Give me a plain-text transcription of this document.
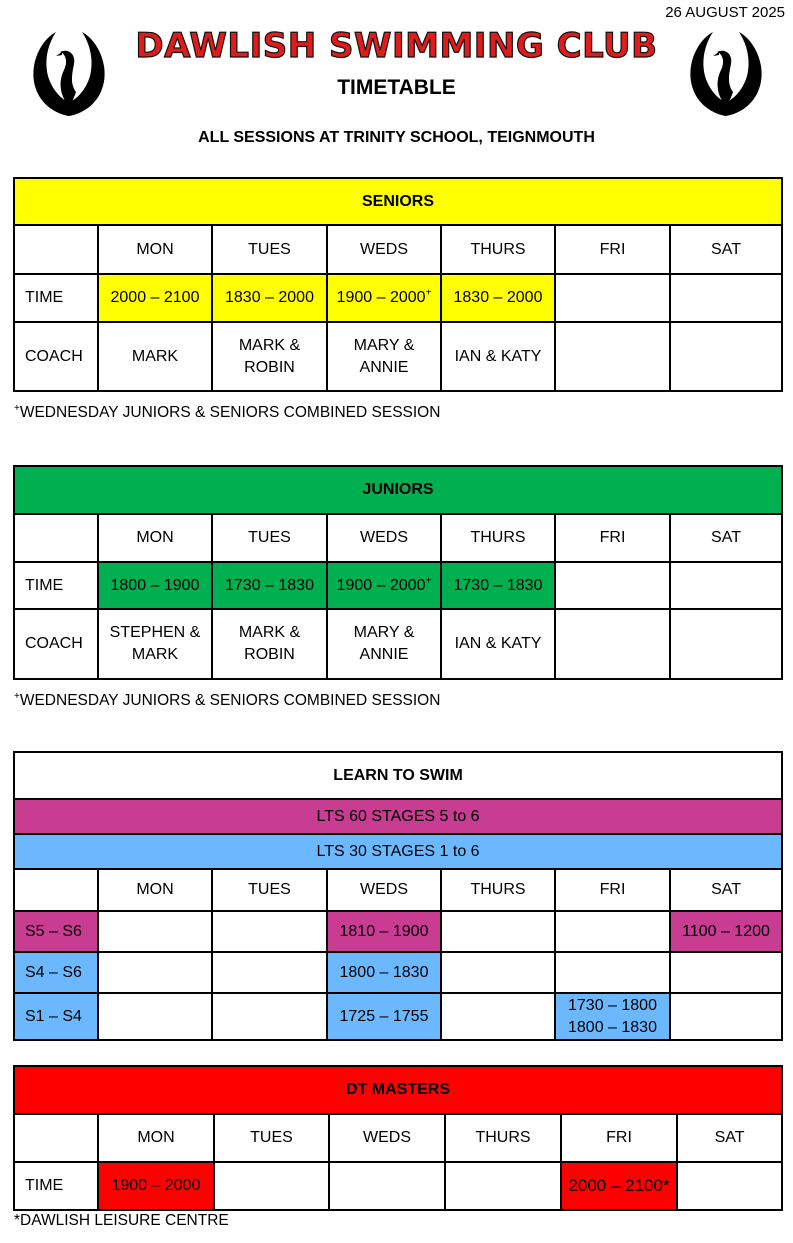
26 AUGUST 2025
DAWLISH SWIMMING CLUB
TIMETABLE
ALL SESSIONS AT TRINITY SCHOOL, TEIGNMOUTH
SENIORS						
	MON	TUES	WEDS	THURS	FRI	SAT
TIME	2000 – 2100	1830 – 2000	1900 – 2000+	1830 – 2000		
COACH	MARK	MARK & ROBIN	MARY & ANNIE	IAN & KATY		
+WEDNESDAY JUNIORS & SENIORS COMBINED SESSION
JUNIORS						
	MON	TUES	WEDS	THURS	FRI	SAT
TIME	1800 – 1900	1730 – 1830	1900 – 2000+	1730 – 1830		
COACH	STEPHEN & MARK	MARK & ROBIN	MARY & ANNIE	IAN & KATY		
+WEDNESDAY JUNIORS & SENIORS COMBINED SESSION
LEARN TO SWIM						
LTS 60 STAGES 5 to 6						
LTS 30 STAGES 1 to 6						
	MON	TUES	WEDS	THURS	FRI	SAT
S5 – S6			1810 – 1900			1100 – 1200
S4 – S6			1800 – 1830			
S1 – S4			1725 – 1755		1730 – 1800
1800 – 1830	

DT MASTERS						
	MON	TUES	WEDS	THURS	FRI	SAT
TIME	1900 – 2000				2000 – 2100*	
*DAWLISH LEISURE CENTRE
